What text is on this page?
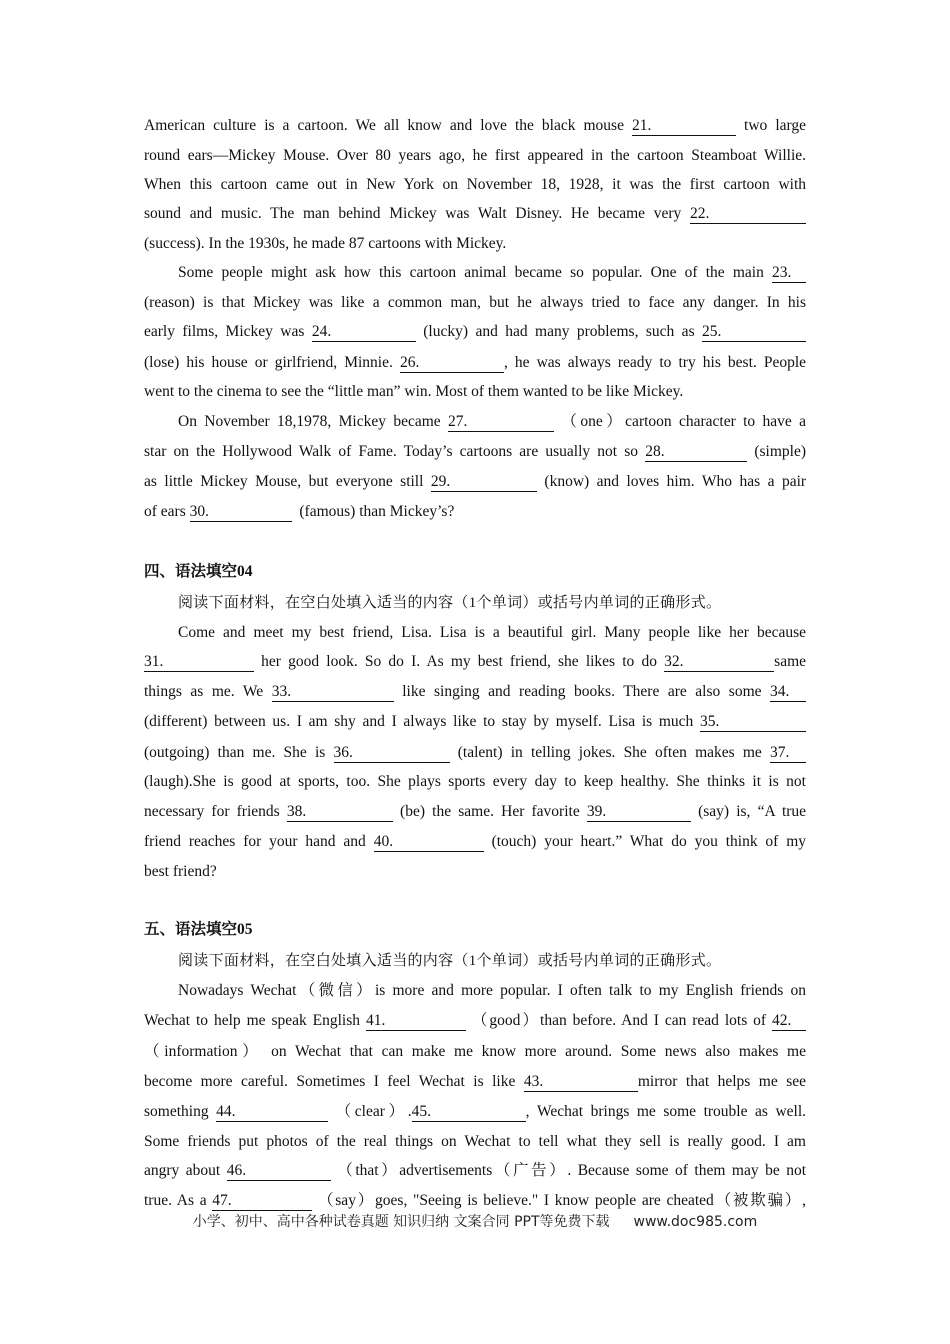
American culture is a cartoon. We all know and love the black mouse 21.	two large
round ears—Mickey Mouse. Over 80 years ago, he first appeared in the cartoon Steamboat Willie.
When this cartoon came out in New York on November 18, 1928, it was the first cartoon with
sound and music. The man behind Mickey was Walt Disney. He became very 22.
(success). In the 1930s, he made 87 cartoons with Mickey.
Some people might ask how this cartoon animal became so popular. One of the main 23.
(reason) is that Mickey was like a common man, but he always tried to face any danger. In his
early films, Mickey was 24.	(lucky) and had many problems, such as 25.
(lose) his house or girlfriend, Minnie. 26.	, he was always ready to try his best. People
went to the cinema to see the “little man” win. Most of them wanted to be like Mickey.
On November 18,1978, Mickey became 27.	（one）cartoon character to have a
star on the Hollywood Walk of Fame. Today’s cartoons are usually not so 28.	(simple)
as little Mickey Mouse, but everyone still 29.	(know) and loves him. Who has a pair
of ears 30.	(famous) than Mickey’s?
四、语法填空04
阅读下面材料，在空白处填入适当的内容（1个单词）或括号内单词的正确形式。
Come and meet my best friend, Lisa. Lisa is a beautiful girl. Many people like her because
31.	her good look. So do I. As my best friend, she likes to do 32.	same
things as me. We 33.	like singing and reading books. There are also some 34.
(different) between us. I am shy and I always like to stay by myself. Lisa is much 35.
(outgoing) than me. She is 36.	(talent) in telling jokes. She often makes me 37.
(laugh).She is good at sports, too. She plays sports every day to keep healthy. She thinks it is not
necessary for friends 38.	(be) the same. Her favorite 39.	(say) is, “A true
friend reaches for your hand and 40.	(touch) your heart.” What do you think of my
best friend?
五、语法填空05
阅读下面材料，在空白处填入适当的内容（1个单词）或括号内单词的正确形式。
Nowadays Wechat（微信）is more and more popular. I often talk to my English friends on
Wechat to help me speak English 41.	（good）than before. And I can read lots of 42.
（information） on Wechat that can make me know more around. Some news also makes me
become more careful. Sometimes I feel Wechat is like 43.	mirror that helps me see
something 44.	（clear）.45.	, Wechat brings me some trouble as well.
Some friends put photos of the real things on Wechat to tell what they sell is really good. I am
angry about 46.	（that）advertisements（广告）. Because some of them may be not
true. As a 47.	（say）goes, "Seeing is believe." I know people are cheated（被欺骗）,
小学、初中、高中各种试卷真题 知识归纳 文案合同 PPT等免费下载 www.doc985.com
